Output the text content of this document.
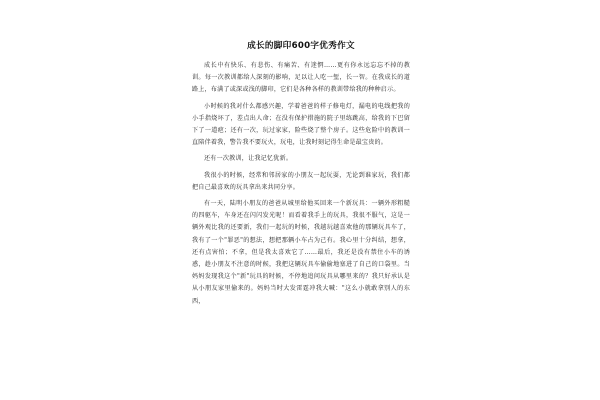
成长的脚印600字优秀作文

成长中有快乐、有悲伤、有痛苦、有迷惘……更有你永远忘忘不掉的教训。每一次教训都给人深刻的影响，足以让人吃一堑，长一智。在我成长的道路上，布满了或深或浅的脚印，它们是各种各样的教训带给我的种种启示。

小时候的我对什么都感兴趣，学着爸爸的样子修电灯，漏电的电线把我的小手指烧坏了，差点出人命；在没有保护措施的院子里练跳高，给我的下巴留下了一道疤；还有一次，玩过家家，险些烧了整个房子。这些危险中的教训一直陪伴着我，警告我不要玩火，玩电，让我时刻记得生命是最宝贵的。

还有一次教训，让我记忆犹新。

我很小的时候，经常和邻居家的小朋友一起玩耍，无论到谁家玩，我们都把自己最喜欢的玩具拿出来共同分享。

有一天，陆明小朋友的爸爸从城里给他买回来一个新玩具：一辆外形粗糙的四驱车，车身还在闪闪发光呢！而看着我手上的玩具，我很不服气，这是一辆外观比我的还要新，我们一起玩的时候，我越玩越喜欢他的那辆玩具车了，我有了一个"罪恶"的想法，想把那辆小车占为己有。我心里十分纠结，想拿，还有点害怕；不拿，但是我太喜欢它了……最后，我还是没有禁住小车的诱惑，趁小朋友不注意的时候，我把这辆玩具车偷偷地塞进了自己的口袋里。当妈妈发现我这个"新"玩具的时候，不停地追问玩具从哪里来的？我只好承认是从小朋友家里偷来的。妈妈当时大发雷霆冲我大喊："这么小就敢拿别人的东西，
